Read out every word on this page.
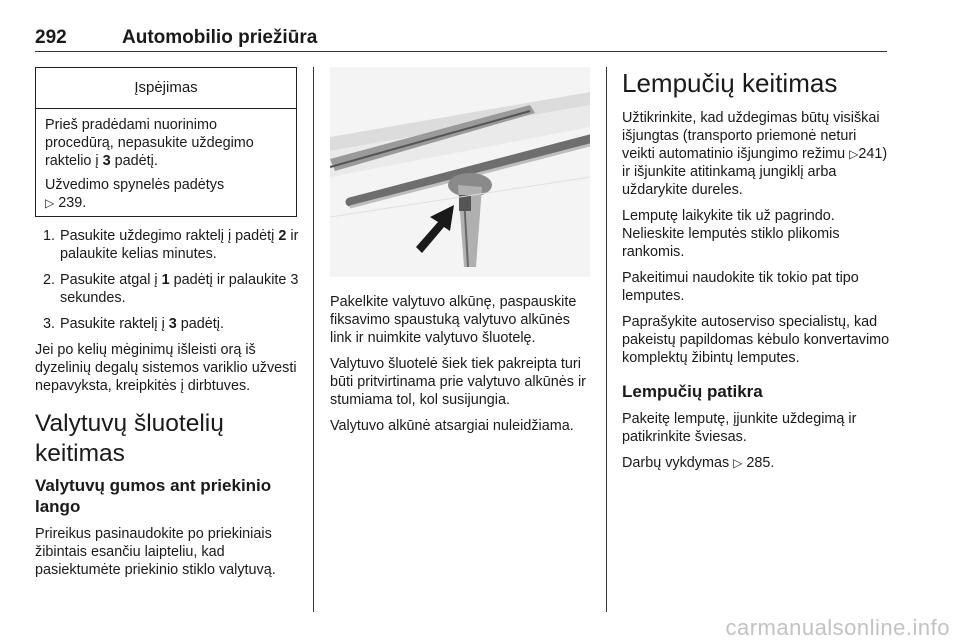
292	Automobilio priežiūra
Įspėjimas

Prieš pradėdami nuorinimo procedūrą, nepasukite uždegimo raktelio į 3 padėtį.

Užvedimo spynelės padėtys
▷ 239.

1. Pasukite uždegimo raktelį į padėtį 2 ir palaukite kelias minutes.
2. Pasukite atgal į 1 padėtį ir palaukite 3 sekundes.
3. Pasukite raktelį į 3 padėtį.

Jei po kelių mėginimų išleisti orą iš dyzelinių degalų sistemos variklio užvesti nepavyksta, kreipkitės į dirbtuves.

Valytuvų šluotelių keitimas
Valytuvų gumos ant priekinio lango

Prireikus pasinaudokite po priekiniais žibintais esančiu laipteliu, kad pasiektumėte priekinio stiklo valytuvą.

Pakelkite valytuvo alkūnę, paspauskite fiksavimo spaustuką valytuvo alkūnės link ir nuimkite valytuvo šluotelę.

Valytuvo šluotelė šiek tiek pakreipta turi būti pritvirtinama prie valytuvo alkūnės ir stumiama tol, kol susijungia.

Valytuvo alkūnė atsargiai nuleidžiama.

Lempučių keitimas

Užtikrinkite, kad uždegimas būtų visiškai išjungtas (transporto priemonė neturi veikti automatinio išjungimo režimu ▷241) ir išjunkite atitinkamą jungiklį arba uždarykite dureles.

Lemputę laikykite tik už pagrindo. Nelieskite lemputės stiklo plikomis rankomis.

Pakeitimui naudokite tik tokio pat tipo lemputes.

Paprašykite autoserviso specialistų, kad pakeistų papildomas kėbulo konvertavimo komplektų žibintų lemputes.

Lempučių patikra

Pakeitę lemputę, įjunkite uždegimą ir patikrinkite šviesas.

Darbų vykdymas ▷ 285.

carmanualsonline.info
